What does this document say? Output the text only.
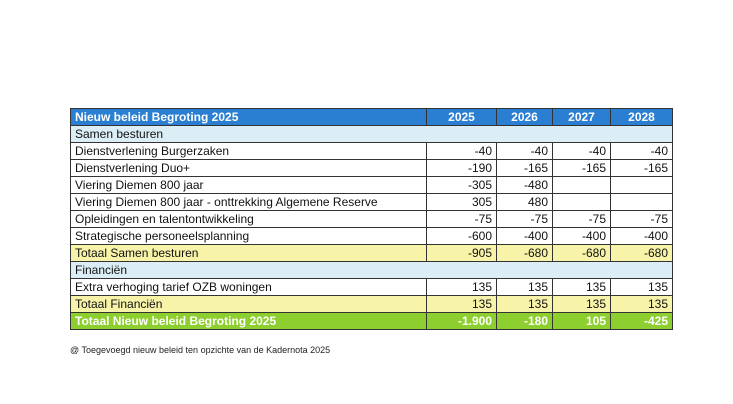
Nieuw beleid Begroting 2025	2025	2026	2027	2028
Samen besturen				
Dienstverlening Burgerzaken	-40	-40	-40	-40
Dienstverlening Duo+	-190	-165	-165	-165
Viering Diemen 800 jaar	-305	-480		
Viering Diemen 800 jaar - onttrekking Algemene Reserve	305	480		
Opleidingen en talentontwikkeling	-75	-75	-75	-75
Strategische personeelsplanning	-600	-400	-400	-400
Totaal Samen besturen	-905	-680	-680	-680
Financiën				
Extra verhoging tarief OZB woningen	135	135	135	135
Totaal Financiën	135	135	135	135
Totaal Nieuw beleid Begroting 2025	-1.900	-180	105	-425
@ Toegevoegd nieuw beleid ten opzichte van de Kadernota 2025
